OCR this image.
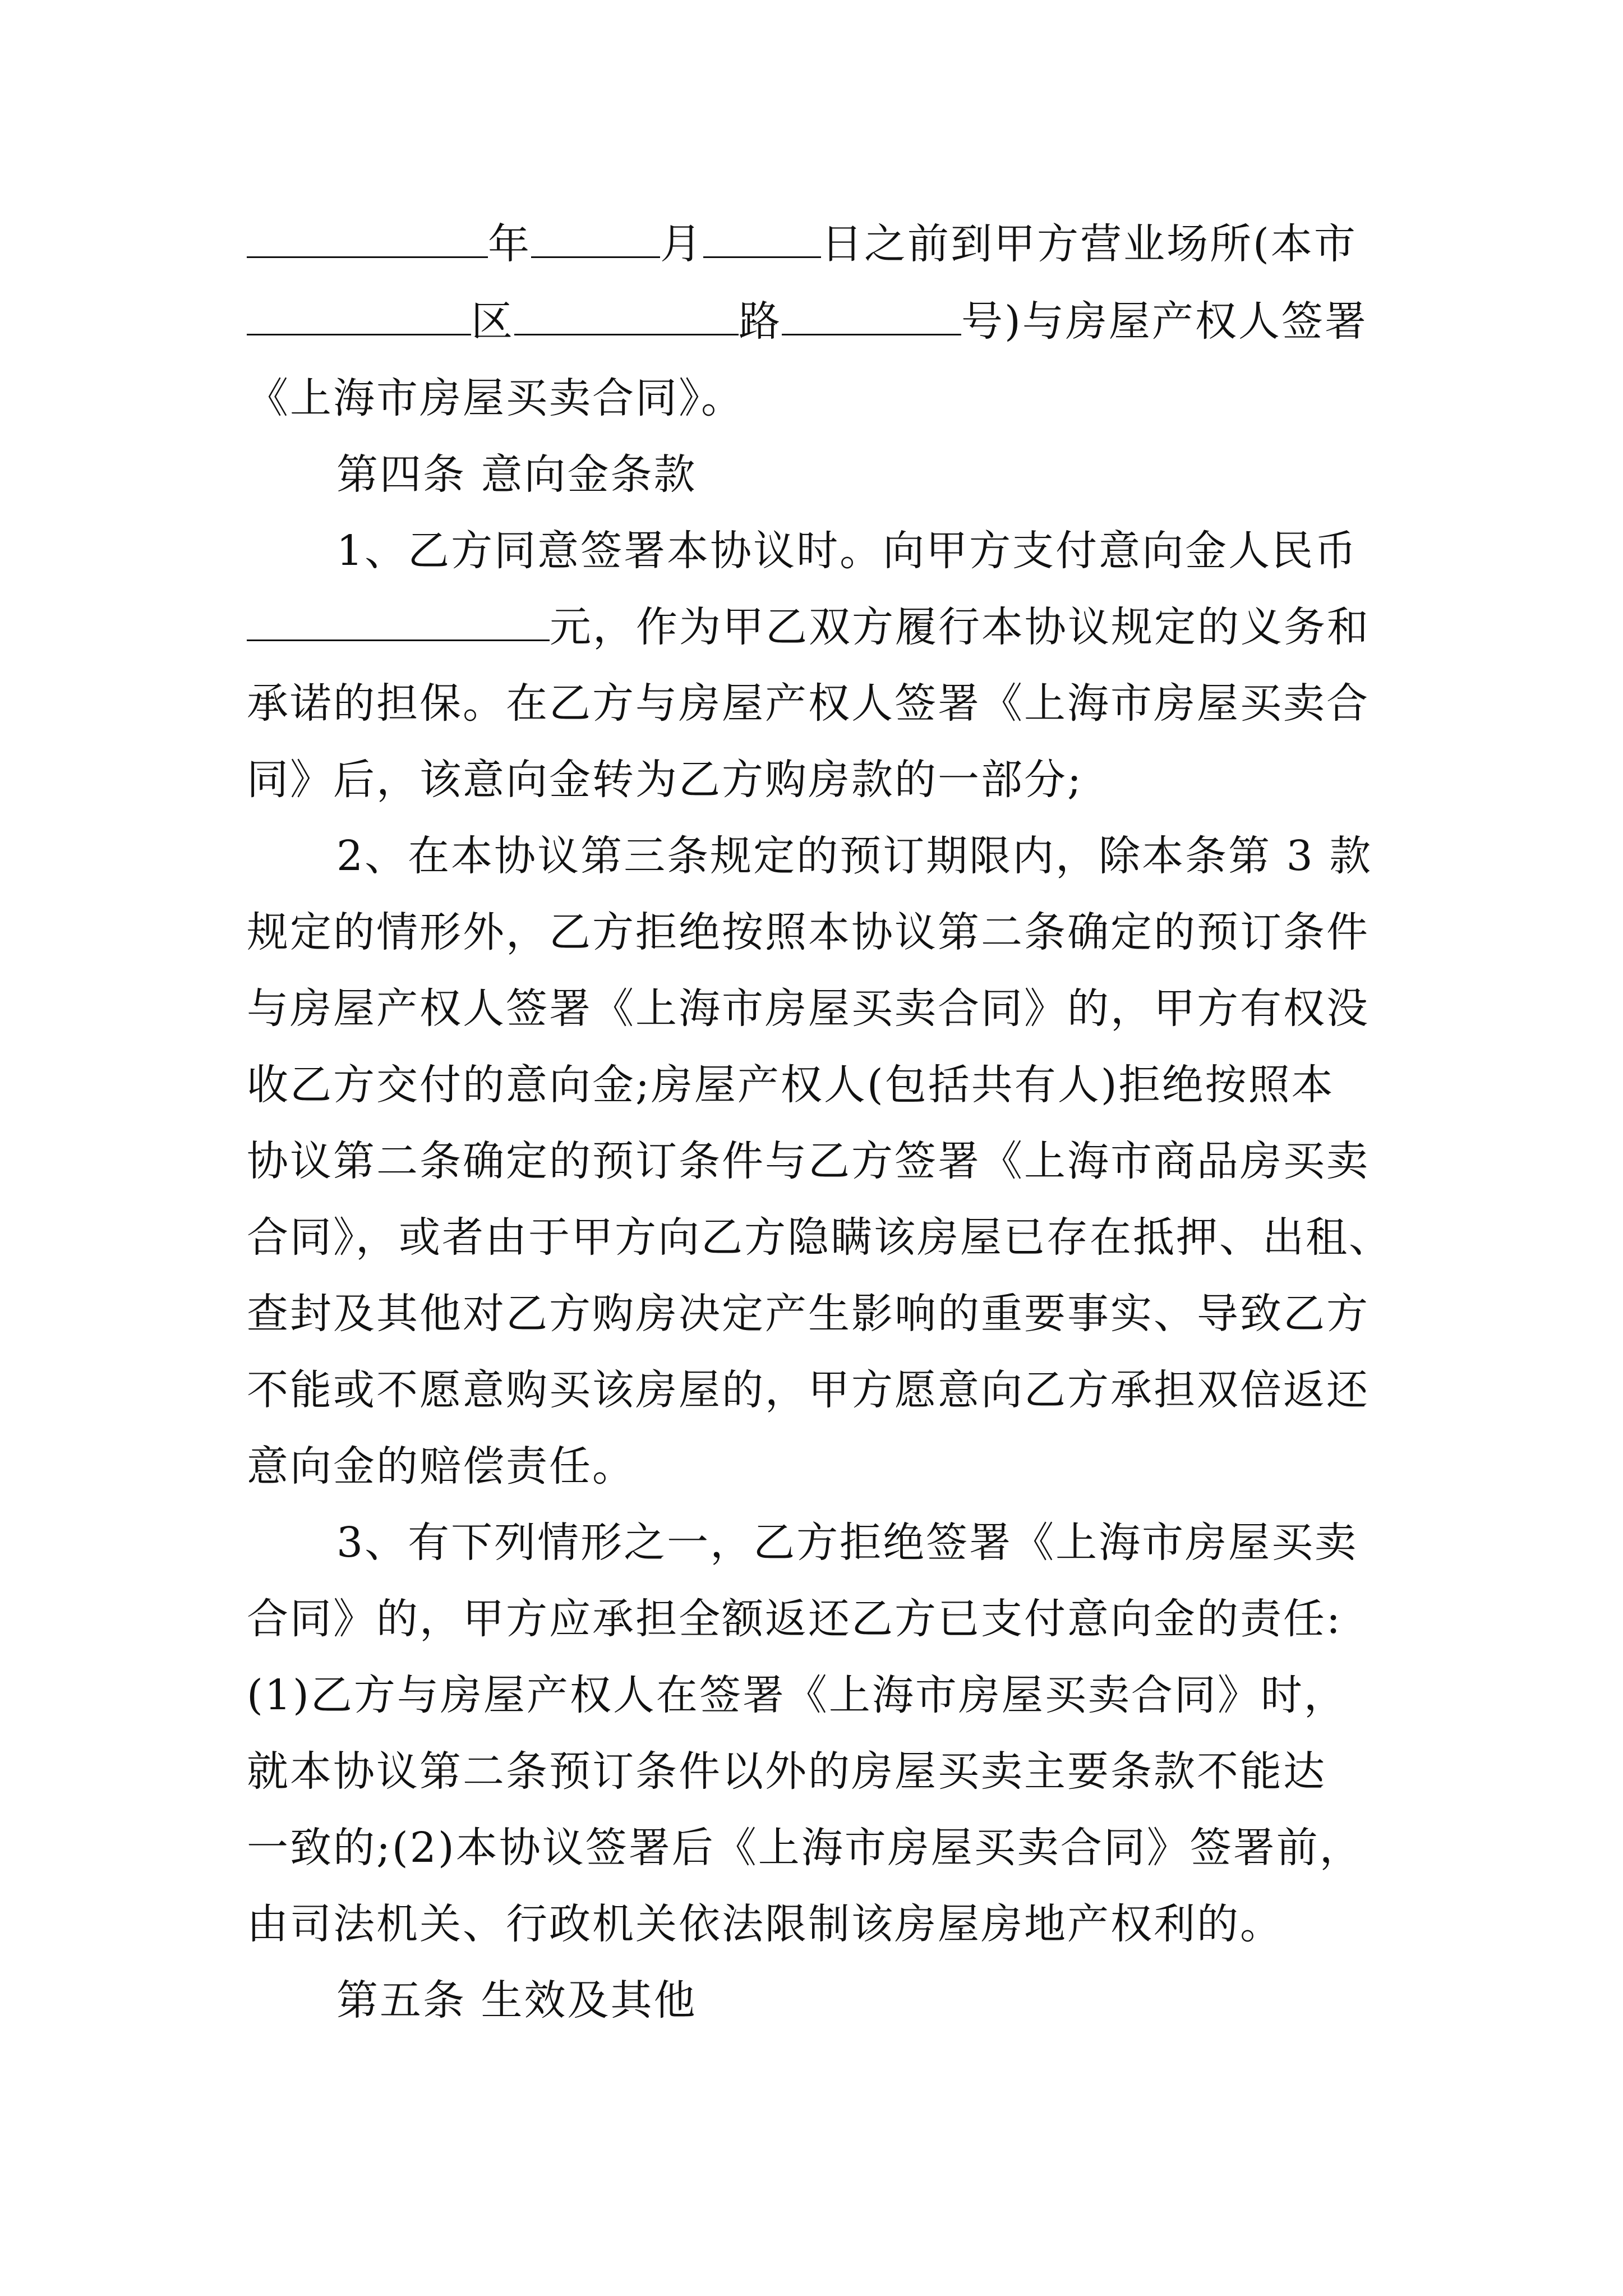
年	月	日之前到甲方营业场所(本市
区	路	号)与房屋产权人签署
《上海市房屋买卖合同》。
第四条 意向金条款
1、乙方同意签署本协议时。向甲方支付意向金人民币
元，作为甲乙双方履行本协议规定的义务和
承诺的担保。在乙方与房屋产权人签署《上海市房屋买卖合
同》后，该意向金转为乙方购房款的一部分;
2、在本协议第三条规定的预订期限内，除本条第 3 款
规定的情形外，乙方拒绝按照本协议第二条确定的预订条件
与房屋产权人签署《上海市房屋买卖合同》的，甲方有权没
收乙方交付的意向金;房屋产权人(包括共有人)拒绝按照本
协议第二条确定的预订条件与乙方签署《上海市商品房买卖
合同》，或者由于甲方向乙方隐瞒该房屋已存在抵押、出租、
查封及其他对乙方购房决定产生影响的重要事实、导致乙方
不能或不愿意购买该房屋的，甲方愿意向乙方承担双倍返还
意向金的赔偿责任。
3、有下列情形之一，乙方拒绝签署《上海市房屋买卖
合同》的，甲方应承担全额返还乙方已支付意向金的责任:
(1)乙方与房屋产权人在签署《上海市房屋买卖合同》时，
就本协议第二条预订条件以外的房屋买卖主要条款不能达
一致的;(2)本协议签署后《上海市房屋买卖合同》签署前，
由司法机关、行政机关依法限制该房屋房地产权利的。
第五条 生效及其他
